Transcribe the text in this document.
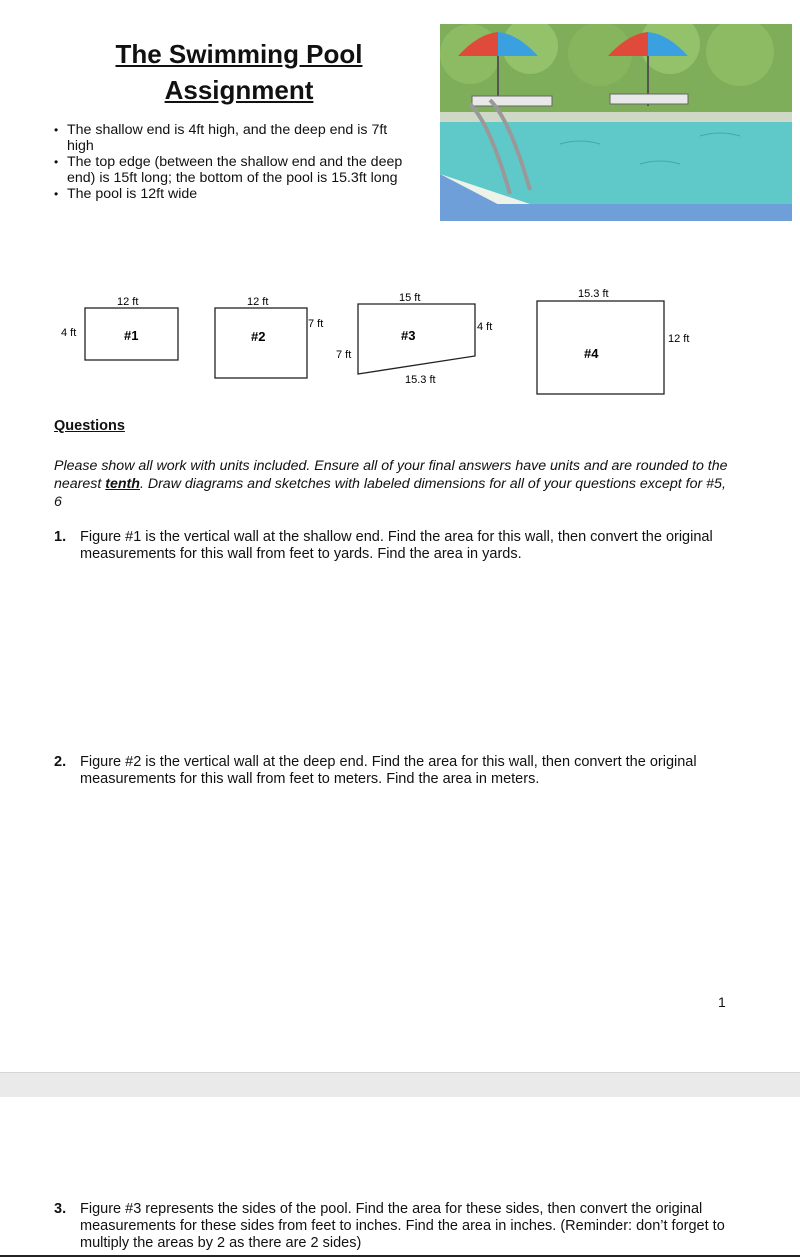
The Swimming Pool
Assignment
• The shallow end is 4ft high, and the deep end is 7ft high
• The top edge (between the shallow end and the deep end) is 15ft long; the bottom of the pool is 15.3ft long
• The pool is 12ft wide
12 ft
4 ft	#1
12 ft
7 ft
#2
15 ft
7 ft
4 ft
15.3 ft
#3
15.3 ft
12 ft
#4
Questions
Please show all work with units included. Ensure all of your final answers have units and are rounded to the nearest tenth. Draw diagrams and sketches with labeled dimensions for all of your questions except for #5, 6
1. Figure #1 is the vertical wall at the shallow end. Find the area for this wall, then convert the original measurements for this wall from feet to yards. Find the area in yards.
2. Figure #2 is the vertical wall at the deep end. Find the area for this wall, then convert the original measurements for this wall from feet to meters. Find the area in meters.
1
3. Figure #3 represents the sides of the pool. Find the area for these sides, then convert the original measurements for these sides from feet to inches. Find the area in inches. (Reminder: don’t forget to multiply the areas by 2 as there are 2 sides)
